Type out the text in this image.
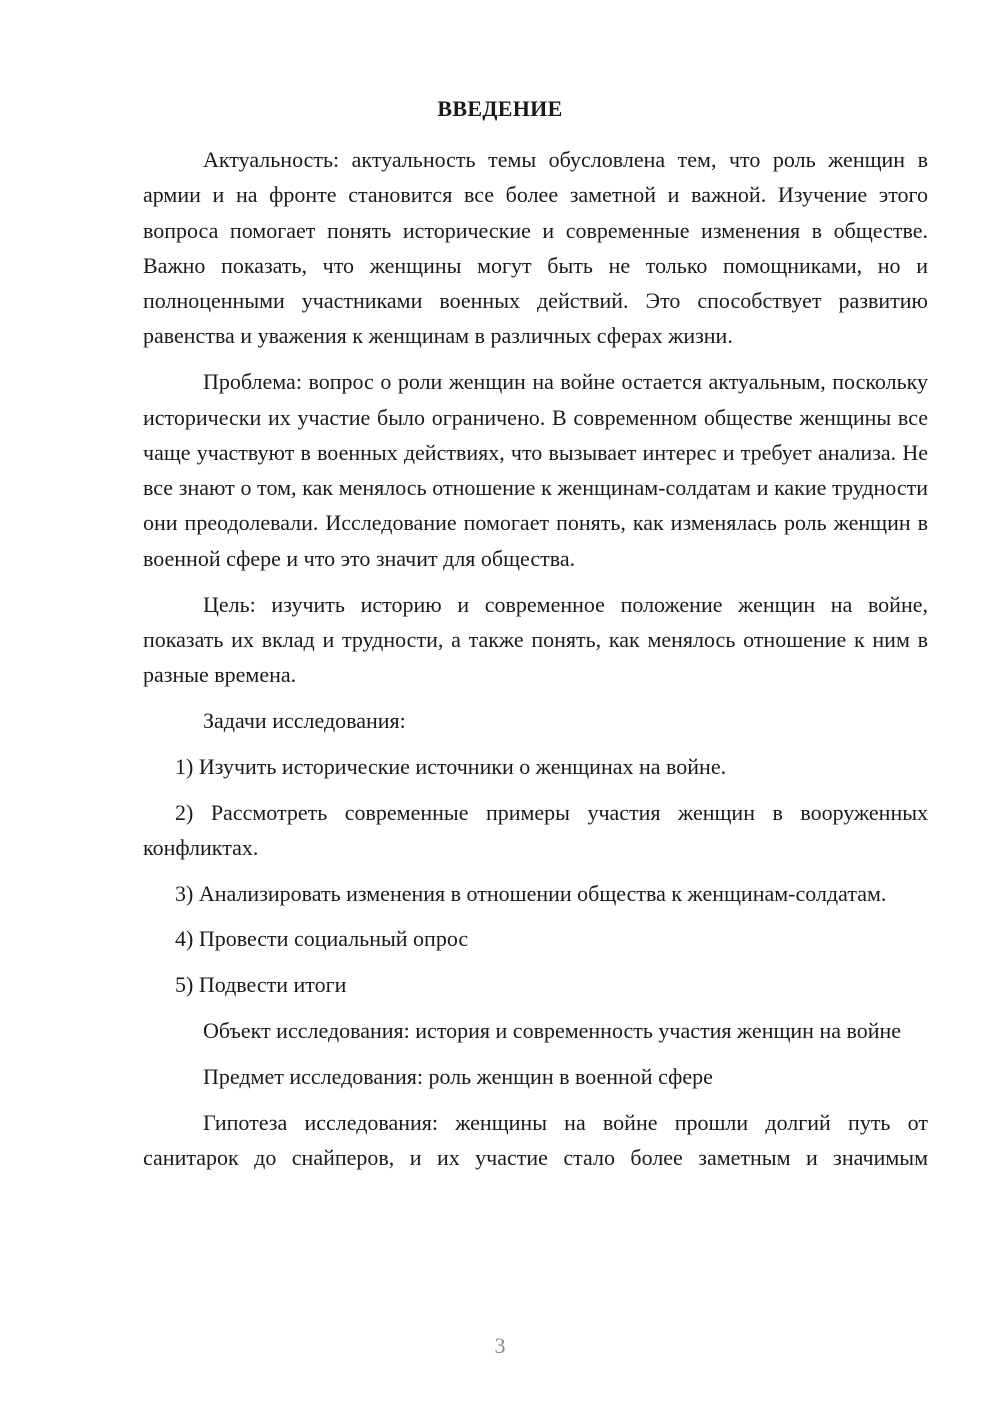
ВВЕДЕНИЕ

Актуальность: актуальность темы обусловлена тем, что роль женщин в армии и на фронте становится все более заметной и важной. Изучение этого вопроса помогает понять исторические и современные изменения в обществе. Важно показать, что женщины могут быть не только помощниками, но и полноценными участниками военных действий. Это способствует развитию равенства и уважения к женщинам в различных сферах жизни.

Проблема: вопрос о роли женщин на войне остается актуальным, поскольку исторически их участие было ограничено. В современном обществе женщины все чаще участвуют в военных действиях, что вызывает интерес и требует анализа. Не все знают о том, как менялось отношение к женщинам-солдатам и какие трудности они преодолевали. Исследование помогает понять, как изменялась роль женщин в военной сфере и что это значит для общества.

Цель: изучить историю и современное положение женщин на войне, показать их вклад и трудности, а также понять, как менялось отношение к ним в разные времена.

Задачи исследования:

1) Изучить исторические источники о женщинах на войне.

2) Рассмотреть современные примеры участия женщин в вооруженных конфликтах.

3) Анализировать изменения в отношении общества к женщинам-солдатам.

4) Провести социальный опрос

5) Подвести итоги

Объект исследования: история и современность участия женщин на войне

Предмет исследования: роль женщин в военной сфере

Гипотеза исследования: женщины на войне прошли долгий путь от санитарок до снайперов, и их участие стало более заметным и значимым

3
